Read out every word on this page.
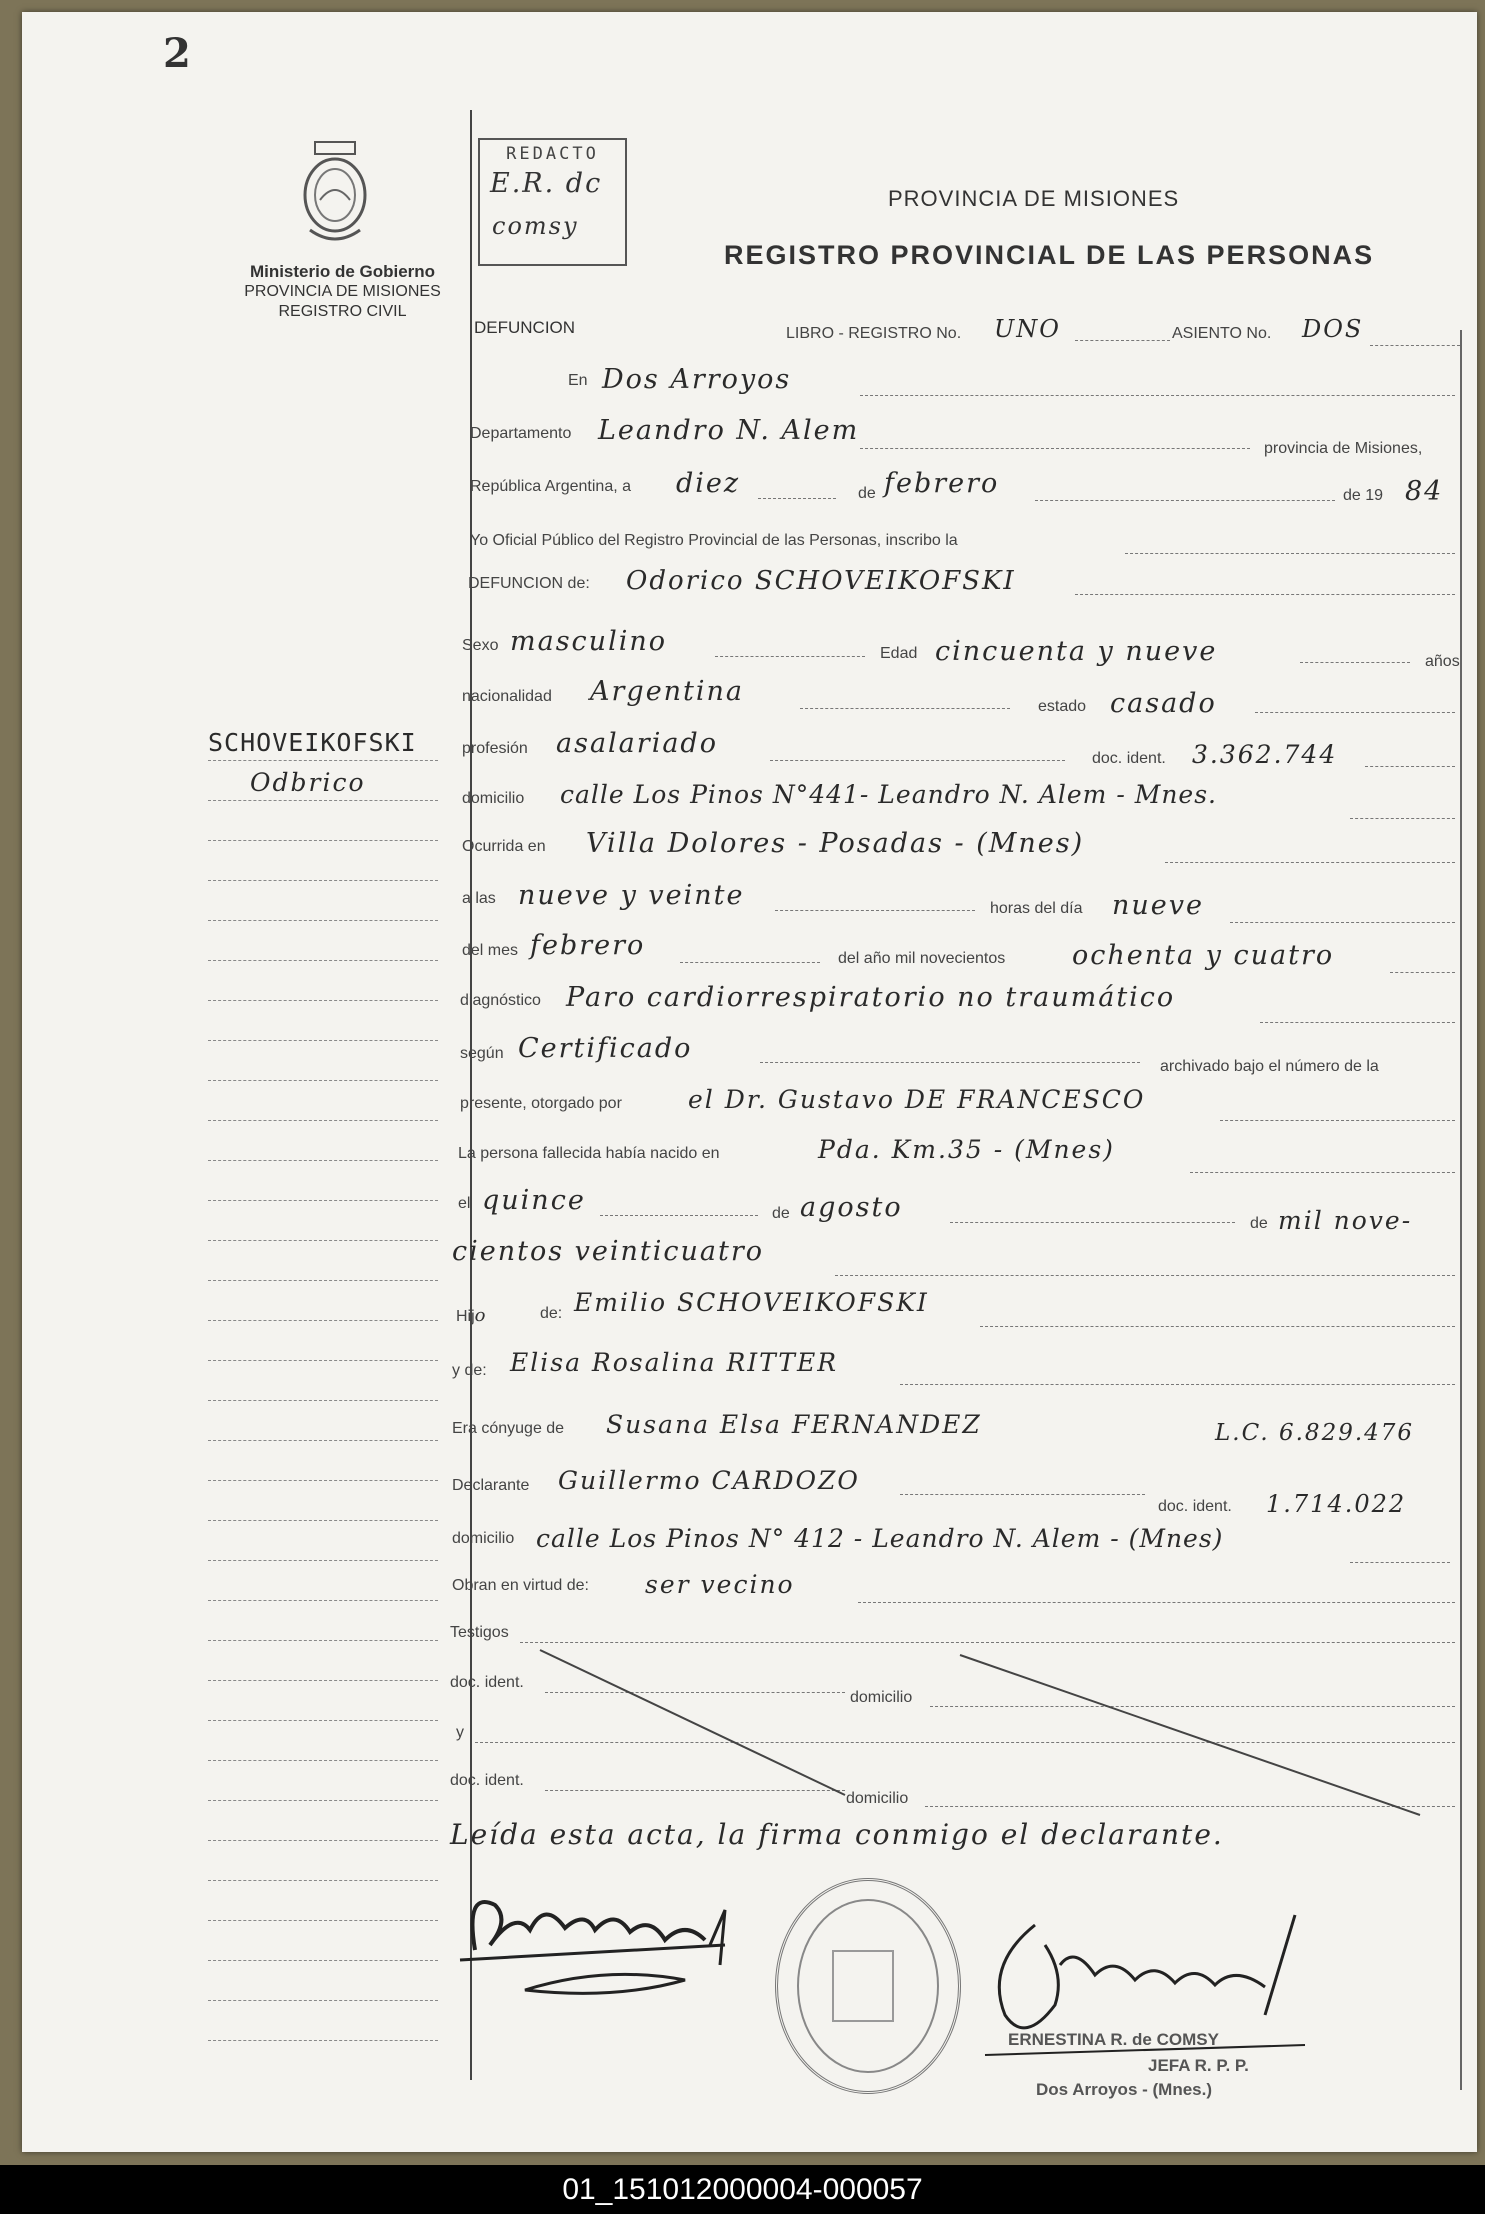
2
Ministerio de Gobierno
PROVINCIA DE MISIONES
REGISTRO CIVIL
REDACTO
E.R. dc
comsy
PROVINCIA DE MISIONES
REGISTRO PROVINCIAL DE LAS PERSONAS
SCHOVEIKOFSKI
Odbrico
DEFUNCION	LIBRO - REGISTRO No. UNO	ASIENTO No. DOS
En Dos Arroyos
Departamento Leandro N. Alem
provincia de Misiones,
República Argentina, a diez	de febrero	de 19 84
Yo Oficial Público del Registro Provincial de las Personas, inscribo la
DEFUNCION de: Odorico SCHOVEIKOFSKI
Sexo masculino	Edad cincuenta y nueve	años
nacionalidad Argentina	estado casado
profesión asalariado	doc. ident. 3.362.744
domicilio calle Los Pinos N°441- Leandro N. Alem - Mnes.
Ocurrida en Villa Dolores - Posadas - (Mnes)
a las nueve y veinte	horas del día nueve
del mes febrero	del año mil novecientos ochenta y cuatro
diagnóstico Paro cardiorrespiratorio no traumático
según Certificado
archivado bajo el número de la
presente, otorgado por	el Dr. Gustavo DE FRANCESCO
La persona fallecida había nacido en	Pda. Km.35 - (Mnes)
el quince	de agosto
de mil nove-
cientos veinticuatro
Hijo	de: Emilio SCHOVEIKOFSKI
y de: Elisa Rosalina RITTER
Era cónyuge de Susana Elsa FERNANDEZ	L.C. 6.829.476
Declarante Guillermo CARDOZO
doc. ident. 1.714.022
domicilio calle Los Pinos N° 412 - Leandro N. Alem - (Mnes)
Obran en virtud de: ser vecino
Testigos
doc. ident.
domicilio
y
doc. ident.
domicilio
Leída esta acta, la firma conmigo el declarante.
ERNESTINA R. de COMSY
JEFA R. P. P.
Dos Arroyos - (Mnes.)
01_151012000004-000057
